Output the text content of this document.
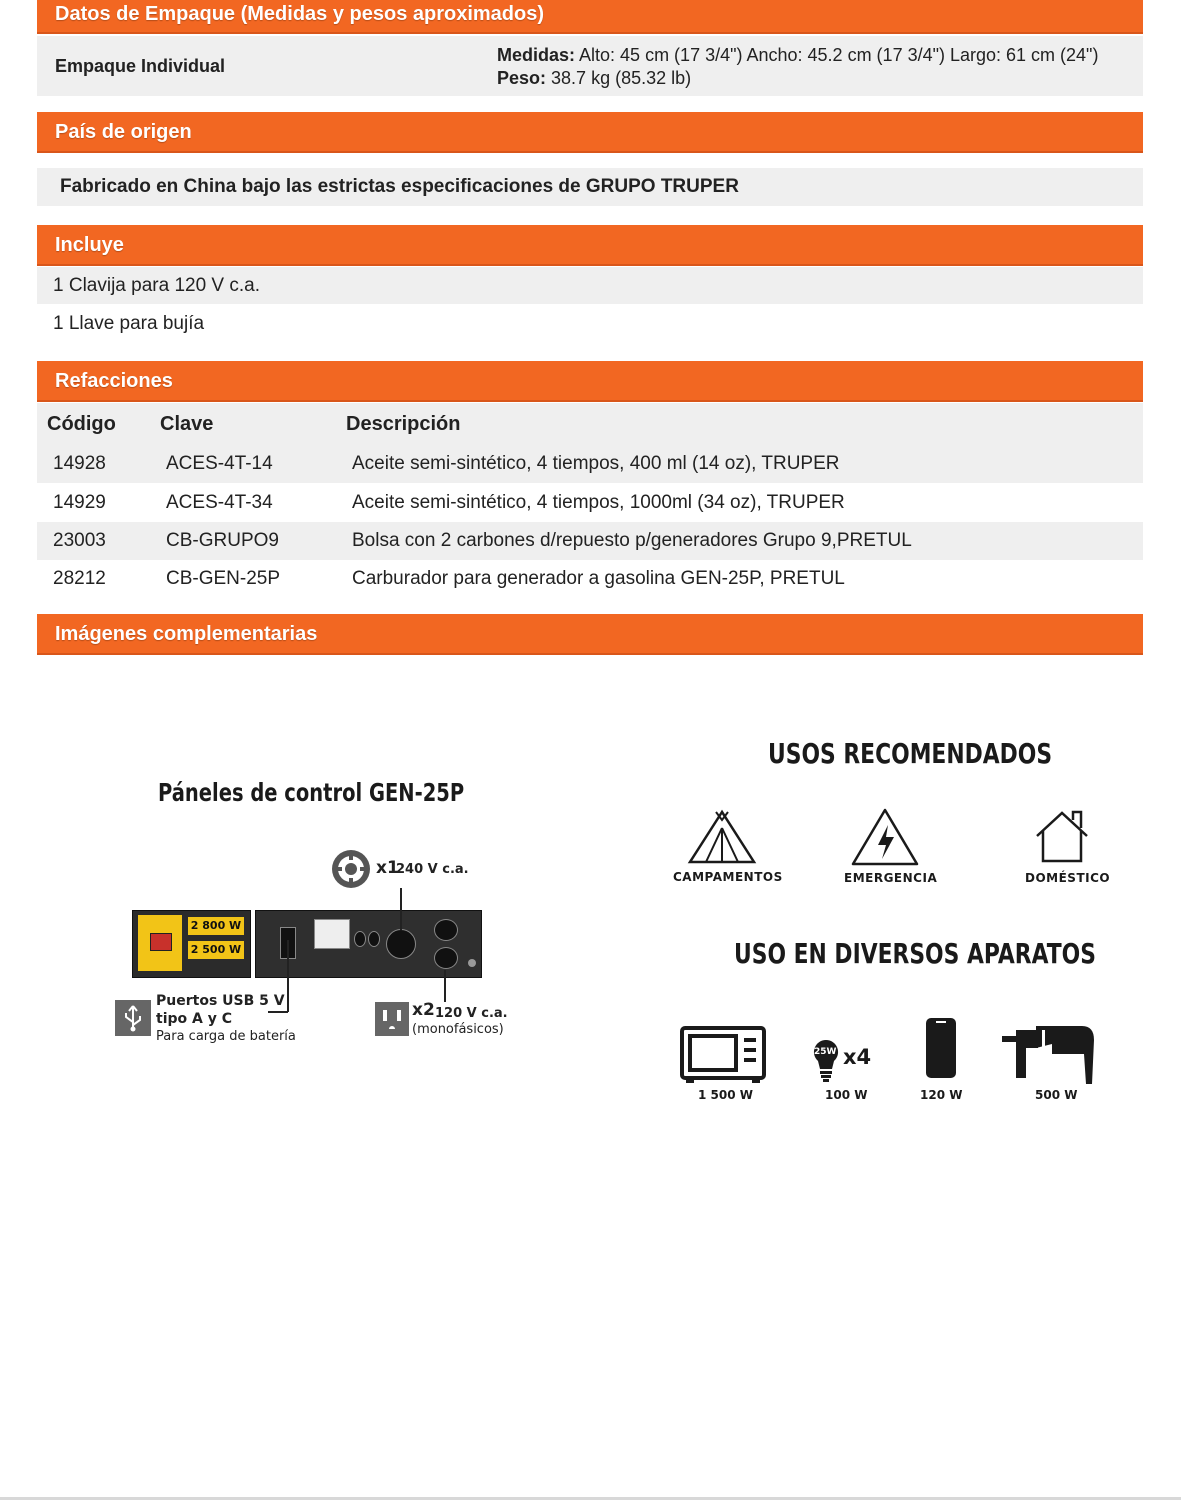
Datos de Empaque (Medidas y pesos aproximados)
Empaque Individual
Medidas: Alto: 45 cm (17 3/4") Ancho: 45.2 cm (17 3/4") Largo: 61 cm (24")
Peso: 38.7 kg (85.32 lb)
País de origen
Fabricado en China bajo las estrictas especificaciones de GRUPO TRUPER
Incluye
1 Clavija para 120 V c.a.
1 Llave para bujía
Refacciones
Código Clave	Descripción
14928	ACES-4T-14	Aceite semi-sintético, 4 tiempos, 400 ml (14 oz), TRUPER
14929	ACES-4T-34	Aceite semi-sintético, 4 tiempos, 1000ml (34 oz), TRUPER
23003	CB-GRUPO9	Bolsa con 2 carbones d/repuesto p/generadores Grupo 9,PRETUL
28212	CB-GEN-25P	Carburador para generador a gasolina GEN-25P, PRETUL
Imágenes complementarias
Páneles de control GEN-25P
x1
240 V c.a.
2 800 W
2 500 W
Puertos USB 5 V
tipo A y C
Para carga de batería
x2 120 V c.a.
(monofásicos)
USOS RECOMENDADOS
CAMPAMENTOS	EMERGENCIA	DOMÉSTICO
USO EN DIVERSOS APARATOS
1 500 W
25W x4
100 W	120 W	500 W
